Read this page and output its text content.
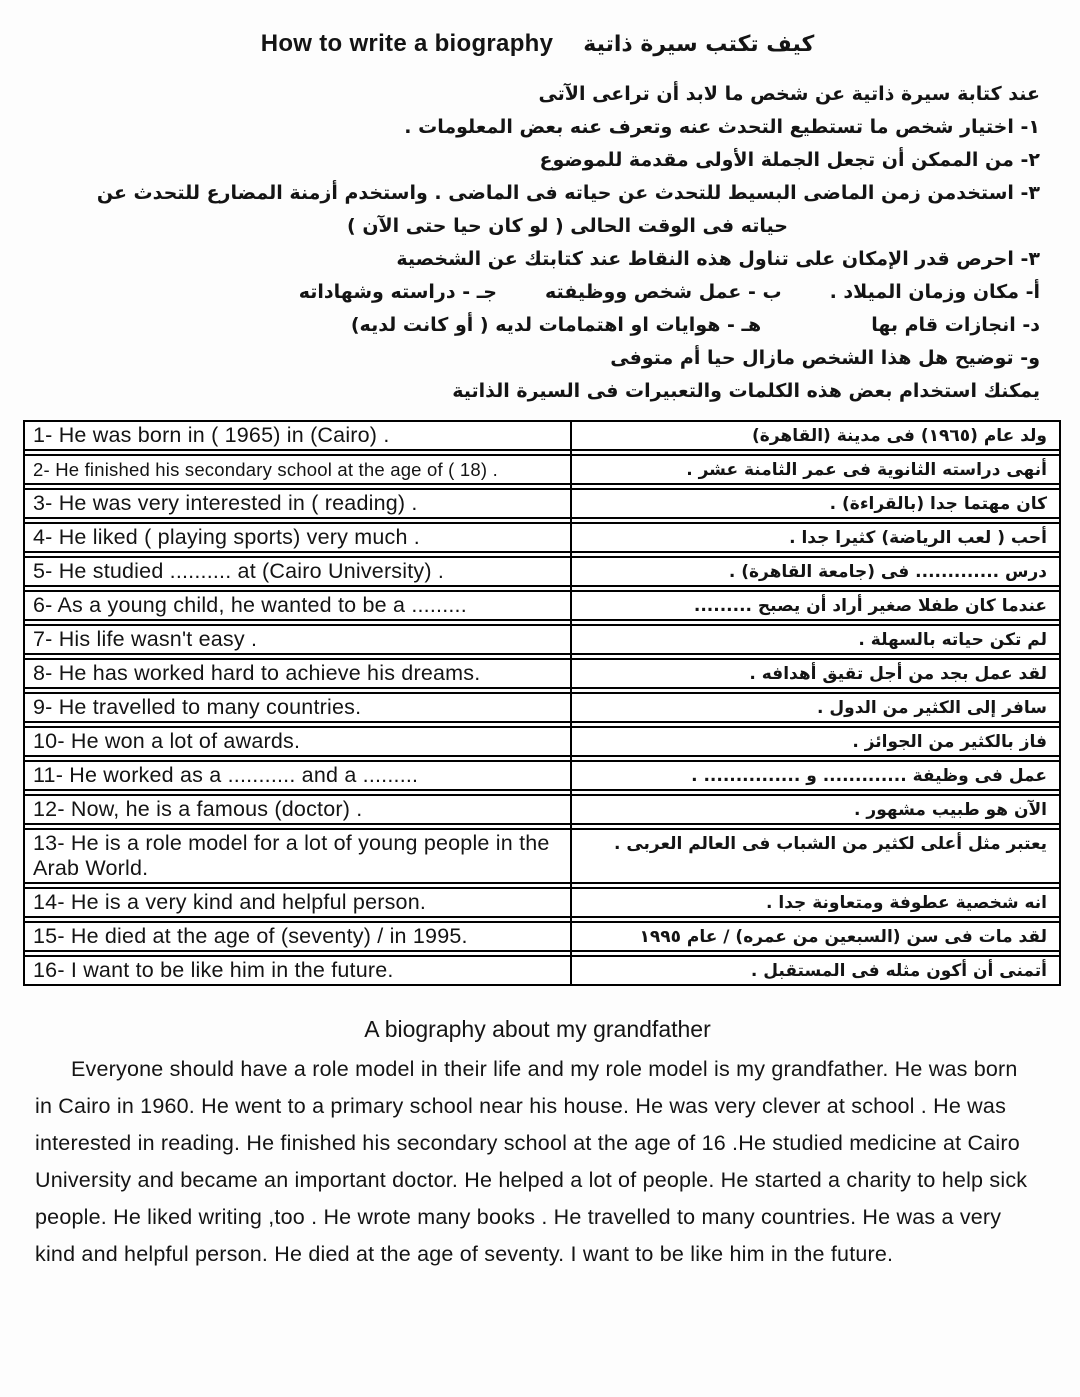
How to write a biography كيف تكتب سيرة ذاتية
عند كتابة سيرة ذاتية عن شخص ما لابد أن تراعى الآتى
١- اختيار شخص ما تستطيع التحدث عنه وتعرف عنه بعض المعلومات .
٢- من الممكن أن تجعل الجملة الأولى مقدمة للموضوع
٣- استخدمن زمن الماضى البسيط للتحدث عن حياته فى الماضى . واستخدم أزمنة المضارع للتحدث عن
حياته فى الوقت الحالى ( لو كان حيا حتى الآن )
٣- احرص قدر الإمكان على تناول هذه النقاط عند كتابتك عن الشخصية
أ- مكان وزمان الميلاد .
ب - عمل شخص ووظيفته
جـ - دراسته وشهاداته
د- انجازات قام بها
هـ - هوايات او اهتمامات لديه ( أو كانت لديه)
و- توضيح هل هذا الشخص مازال حيا أم متوفى
يمكنك استخدام بعض هذه الكلمات والتعبيرات فى السيرة الذاتية
1- He was born in ( 1965) in (Cairo) .	ولد عام (١٩٦٥) فى مدينة (القاهرة)
2- He finished his secondary school at the age of ( 18) .	أنهى دراسته الثانوية فى عمر الثامنة عشر .
3- He was very interested in ( reading) .	كان مهتما جدا (بالقراءة) .
4- He liked ( playing sports) very much .	أحب ( لعب الرياضة) كثيرا جدا .
5- He studied .......... at (Cairo University) .	درس ............. فى (جامعة القاهرة) .
6- As a young child, he wanted to be a .........	عندما كان طفلا صغير أراد أن يصبح .........
7- His life wasn't easy .	لم تكن حياته بالسهلة .
8- He has worked hard to achieve his dreams.	لقد عمل بجد من أجل تقيق أهدافه .
9- He travelled to many countries.	سافر إلى الكثير من الدول .
10- He won a lot of awards.	فاز بالكثير من الجوائز .
11- He worked as a ........... and a .........	عمل فى وظيفة ............. و ............... .
12- Now, he is a famous (doctor) .	الآن هو طبيب مشهور .
13- He is a role model for a lot of young people in the Arab World.
يعتبر مثل أعلى لكثير من الشباب فى العالم العربى .
14- He is a very kind and helpful person.	انه شخصية عطوفة ومتعاونة جدا .
15- He died at the age of (seventy) / in 1995.	لقد مات فى سن (السبعين من عمره) / عام ١٩٩٥
16- I want to be like him in the future.	أتمنى أن أكون مثله فى المستقبل .
A biography about my grandfather

Everyone should have a role model in their life and my role model is my grandfather. He was born in Cairo in 1960. He went to a primary school near his house. He was very clever at school . He was interested in reading. He finished his secondary school at the age of 16 .He studied medicine at Cairo University and became an important doctor. He helped a lot of people. He started a charity to help sick people. He liked writing ,too . He wrote many books . He travelled to many countries. He was a very kind and helpful person. He died at the age of seventy. I want to be like him in the future.
